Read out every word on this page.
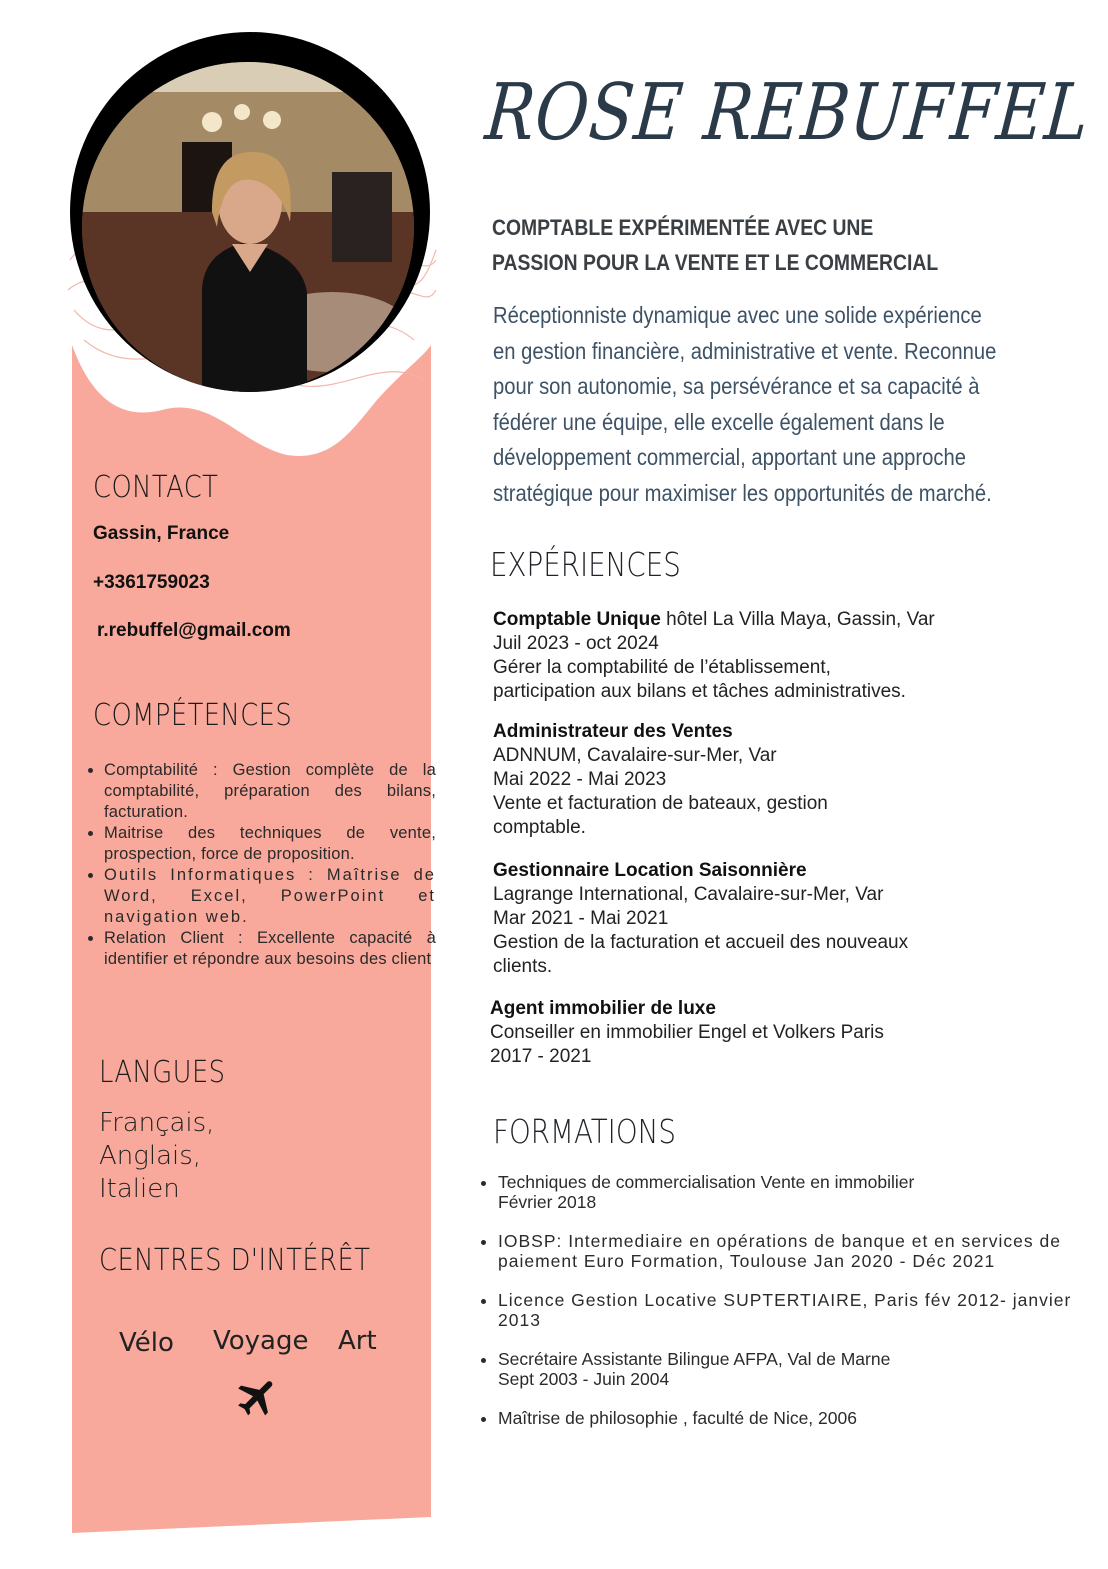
CONTACT
Gassin, France
+3361759023
r.rebuffel@gmail.com
COMPÉTENCES
• Comptabilité : Gestion complète de la comptabilité, préparation des bilans, facturation.
• Maitrise des techniques de vente, prospection, force de proposition.
• Outils Informatiques : Maîtrise de Word, Excel, PowerPoint et navigation web.
• Relation Client : Excellente capacité à identifier et répondre aux besoins des client
LANGUES
Français,
Anglais,
Italien
CENTRES D'INTÉRÊT
Vélo Voyage Art
ROSE REBUFFEL
COMPTABLE EXPÉRIMENTÉE AVEC UNE PASSION POUR LA VENTE ET LE COMMERCIAL
Réceptionniste dynamique avec une solide expérience en gestion financière, administrative et vente. Reconnue pour son autonomie, sa persévérance et sa capacité à fédérer une équipe, elle excelle également dans le développement commercial, apportant une approche stratégique pour maximiser les opportunités de marché.
EXPÉRIENCES
Comptable Unique hôtel La Villa Maya, Gassin, Var
Juil 2023 - oct 2024
Gérer la comptabilité de l’établissement,
participation aux bilans et tâches administratives.
Administrateur des Ventes
ADNNUM, Cavalaire-sur-Mer, Var
Mai 2022 - Mai 2023
Vente et facturation de bateaux, gestion
comptable.
Gestionnaire Location Saisonnière
Lagrange International, Cavalaire-sur-Mer, Var
Mar 2021 - Mai 2021
Gestion de la facturation et accueil des nouveaux
clients.
Agent immobilier de luxe
Conseiller en immobilier Engel et Volkers Paris
2017 - 2021
FORMATIONS
• Techniques de commercialisation Vente en immobilier
Février 2018
• IOBSP: Intermediaire en opérations de banque et en services de paiement Euro Formation, Toulouse Jan 2020 - Déc 2021
• Licence Gestion Locative SUPTERTIAIRE, Paris fév 2012- janvier 2013
• Secrétaire Assistante Bilingue AFPA, Val de Marne
Sept 2003 - Juin 2004
• Maîtrise de philosophie , faculté de Nice, 2006
